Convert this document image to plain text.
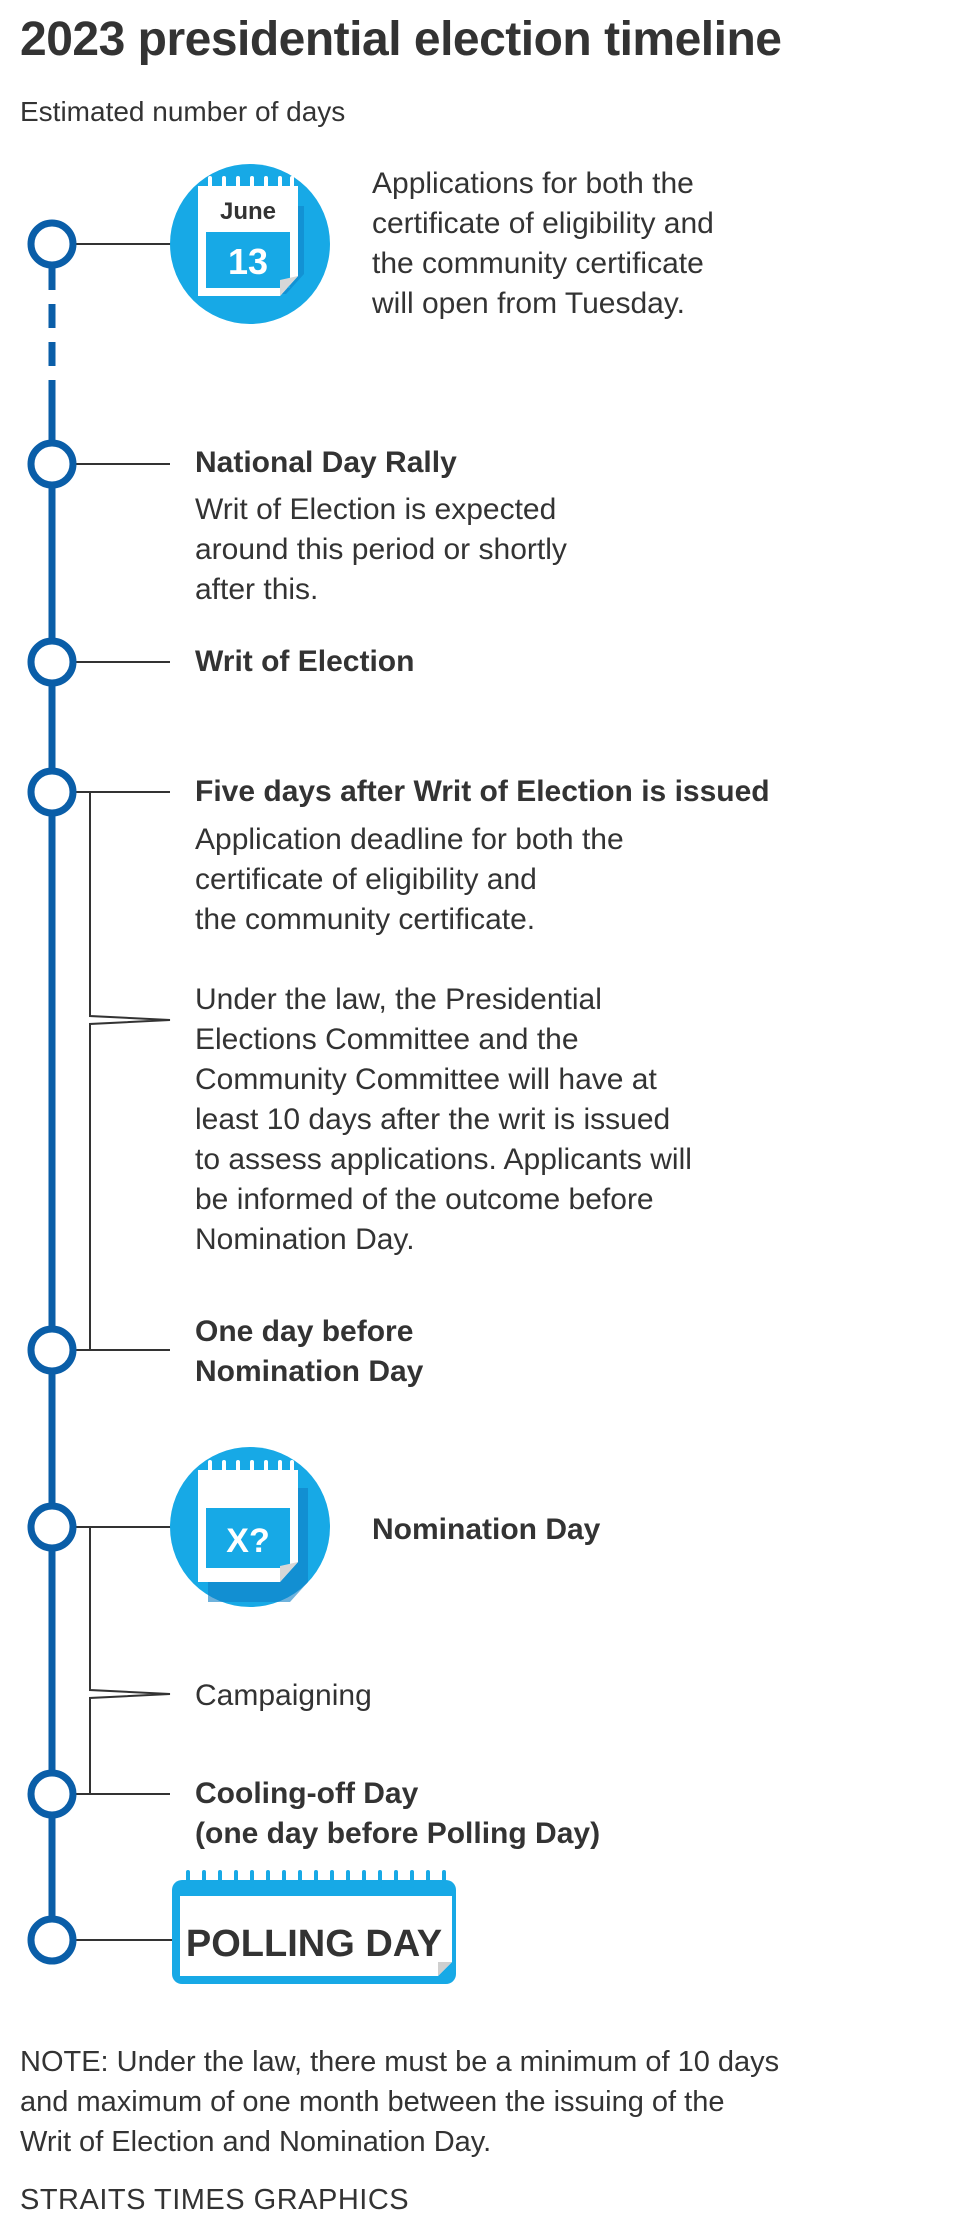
2023 presidential election timeline
Estimated number of days
June
13
X?
POLLING DAY
Applications for both the
certificate of eligibility and
the community certificate
will open from Tuesday.
National Day Rally
Writ of Election is expected
around this period or shortly
after this.
Writ of Election
Five days after Writ of Election is issued
Application deadline for both the
certificate of eligibility and
the community certificate.
Under the law, the Presidential
Elections Committee and the
Community Committee will have at
least 10 days after the writ is issued
to assess applications. Applicants will
be informed of the outcome before
Nomination Day.
One day before
Nomination Day
Nomination Day
Campaigning
Cooling-off Day
(one day before Polling Day)
NOTE: Under the law, there must be a minimum of 10 days
and maximum of one month between the issuing of the
Writ of Election and Nomination Day.
STRAITS TIMES GRAPHICS
